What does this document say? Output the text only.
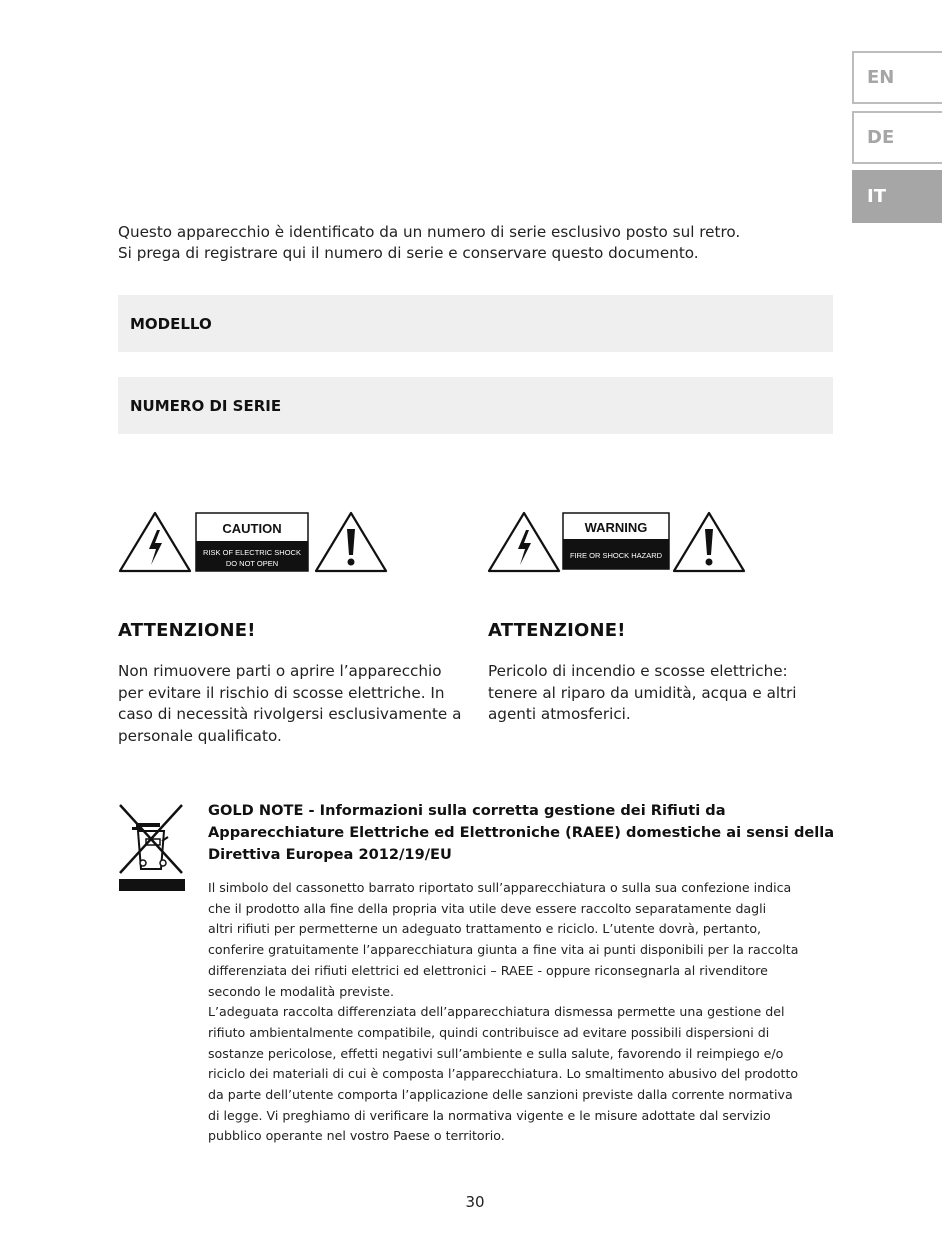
EN
DE
IT
Questo apparecchio è identificato da un numero di serie esclusivo posto sul retro.
Si prega di registrare qui il numero di serie e conservare questo documento.
MODELLO
NUMERO DI SERIE
CAUTION
RISK OF ELECTRIC SHOCK
DO NOT OPEN
WARNING
FIRE OR SHOCK HAZARD
ATTENZIONE!
Non rimuovere parti o aprire l’apparecchio
per evitare il rischio di scosse elettriche. In
caso di necessità rivolgersi esclusivamente a
personale qualificato.
ATTENZIONE!
Pericolo di incendio e scosse elettriche:
tenere al riparo da umidità, acqua e altri
agenti atmosferici.
GOLD NOTE - Informazioni sulla corretta gestione dei Rifiuti da
Apparecchiature Elettriche ed Elettroniche (RAEE) domestiche ai sensi della
Direttiva Europea 2012/19/EU
Il simbolo del cassonetto barrato riportato sull’apparecchiatura o sulla sua confezione indica
che il prodotto alla fine della propria vita utile deve essere raccolto separatamente dagli
altri rifiuti per permetterne un adeguato trattamento e riciclo. L’utente dovrà, pertanto,
conferire gratuitamente l’apparecchiatura giunta a fine vita ai punti disponibili per la raccolta
differenziata dei rifiuti elettrici ed elettronici – RAEE - oppure riconsegnarla al rivenditore
secondo le modalità previste.
L’adeguata raccolta differenziata dell’apparecchiatura dismessa permette una gestione del
rifiuto ambientalmente compatibile, quindi contribuisce ad evitare possibili dispersioni di
sostanze pericolose, effetti negativi sull’ambiente e sulla salute, favorendo il reimpiego e/o
riciclo dei materiali di cui è composta l’apparecchiatura. Lo smaltimento abusivo del prodotto
da parte dell’utente comporta l’applicazione delle sanzioni previste dalla corrente normativa
di legge. Vi preghiamo di verificare la normativa vigente e le misure adottate dal servizio
pubblico operante nel vostro Paese o territorio.
30
